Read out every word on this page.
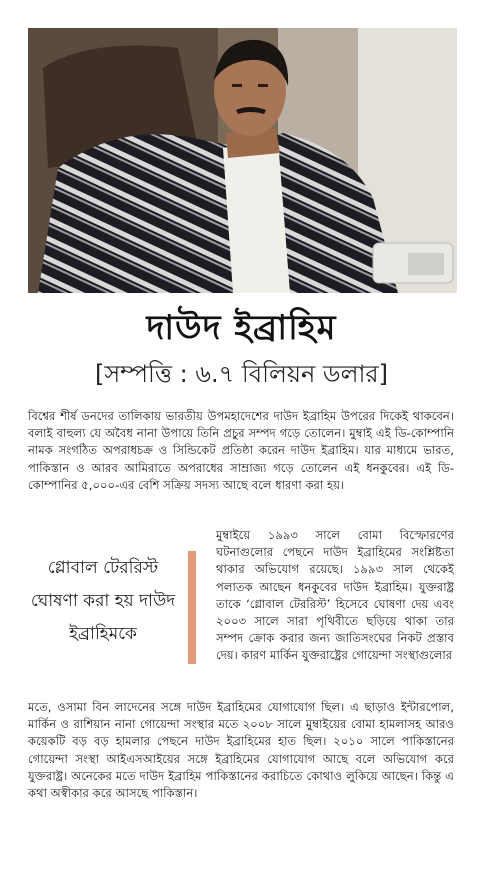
দাউদ ইব্রাহিম
[সম্পত্তি : ৬.৭ বিলিয়ন ডলার]

বিশ্বের শীর্ষ ডনদের তালিকায় ভারতীয় উপমহাদেশের দাউদ ইব্রাহিম উপরের দিকেই থাকবেন। বলাই বাহুল্য যে অবৈধ নানা উপায়ে তিনি প্রচুর সম্পদ গড়ে তোলেন। মুম্বাই এই ডি-কোম্পানি নামক সংগঠিত অপরাধচক্র ও সিন্ডিকেট প্রতিষ্ঠা করেন দাউদ ইব্রাহিম। যার মাধ্যমে ভারত, পাকিস্তান ও আরব আমিরাতে অপরাধের সাম্রাজ্য গড়ে তোলেন এই ধনকুবের। এই ডি-কোম্পানির ৫,০০০-এর বেশি সক্রিয় সদস্য আছে বলে ধারণা করা হয়।

গ্লোবাল টেররিস্ট ঘোষণা করা হয় দাউদ ইব্রাহিমকে

মুম্বাইয়ে ১৯৯৩ সালে বোমা বিস্ফোরণের ঘটনাগুলোর পেছনে দাউদ ইব্রাহিমের সংশ্লিষ্টতা থাকার অভিযোগ রয়েছে। ১৯৯৩ সাল থেকেই পলাতক আছেন ধনকুবের দাউদ ইব্রাহিম। যুক্তরাষ্ট্র তাকে ‘গ্লোবাল টেররিস্ট’ হিসেবে ঘোষণা দেয় এবং ২০০৩ সালে সারা পৃথিবীতে ছড়িয়ে থাকা তার সম্পদ ক্রোক করার জন্য জাতিসংঘের নিকট প্রস্তাব দেয়। কারণ মার্কিন যুক্তরাষ্ট্রের গোয়েন্দা সংস্থাগুলোর

মতে, ওসামা বিন লাদেনের সঙ্গে দাউদ ইব্রাহিমের যোগাযোগ ছিল। এ ছাড়াও ইন্টারপোল, মার্কিন ও রাশিয়ান নানা গোয়েন্দা সংস্থার মতে ২০০৮ সালে মুম্বাইয়ের বোমা হামলাসহ আরও কয়েকটি বড় বড় হামলার পেছনে দাউদ ইব্রাহিমের হাত ছিল। ২০১০ সালে পাকিস্তানের গোয়েন্দা সংস্থা আইএসআইয়ের সঙ্গে ইব্রাহিমের যোগাযোগ আছে বলে অভিযোগ করে যুক্তরাষ্ট্র। অনেকের মতে দাউদ ইব্রাহিম পাকিস্তানের করাচিতে কোথাও লুকিয়ে আছেন। কিন্তু এ কথা অস্বীকার করে আসছে পাকিস্তান।
